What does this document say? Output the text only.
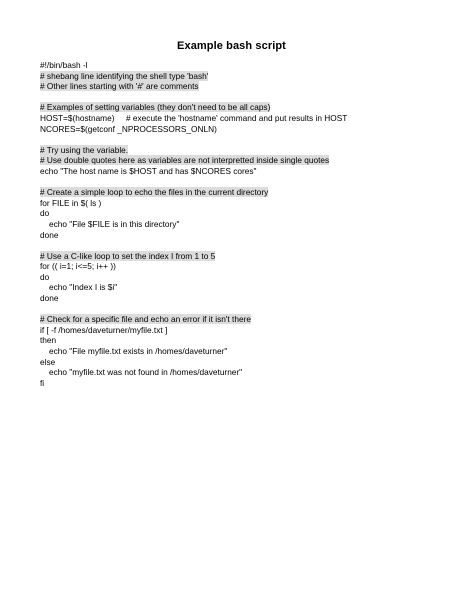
Example bash script
#!/bin/bash -l
# shebang line identifying the shell type 'bash'
# Other lines starting with '#' are comments
# Examples of setting variables (they don't need to be all caps)
HOST=$(hostname)     # execute the 'hostname' command and put results in HOST
NCORES=$(getconf _NPROCESSORS_ONLN)
# Try using the variable.
# Use double quotes here as variables are not interpretted inside single quotes
echo "The host name is $HOST and has $NCORES cores"
# Create a simple loop to echo the files in the current directory
for FILE in $( ls )
do
echo "File $FILE is in this directory"
done
# Use a C-like loop to set the index I from 1 to 5
for (( i=1; i<=5; i++ ))
do
echo "Index I is $i"
done
# Check for a specific file and echo an error if it isn't there
if [ -f /homes/daveturner/myfile.txt ]
then
echo "File myfile.txt exists in /homes/daveturner"
else
echo "myfile.txt was not found in /homes/daveturner"
fi
